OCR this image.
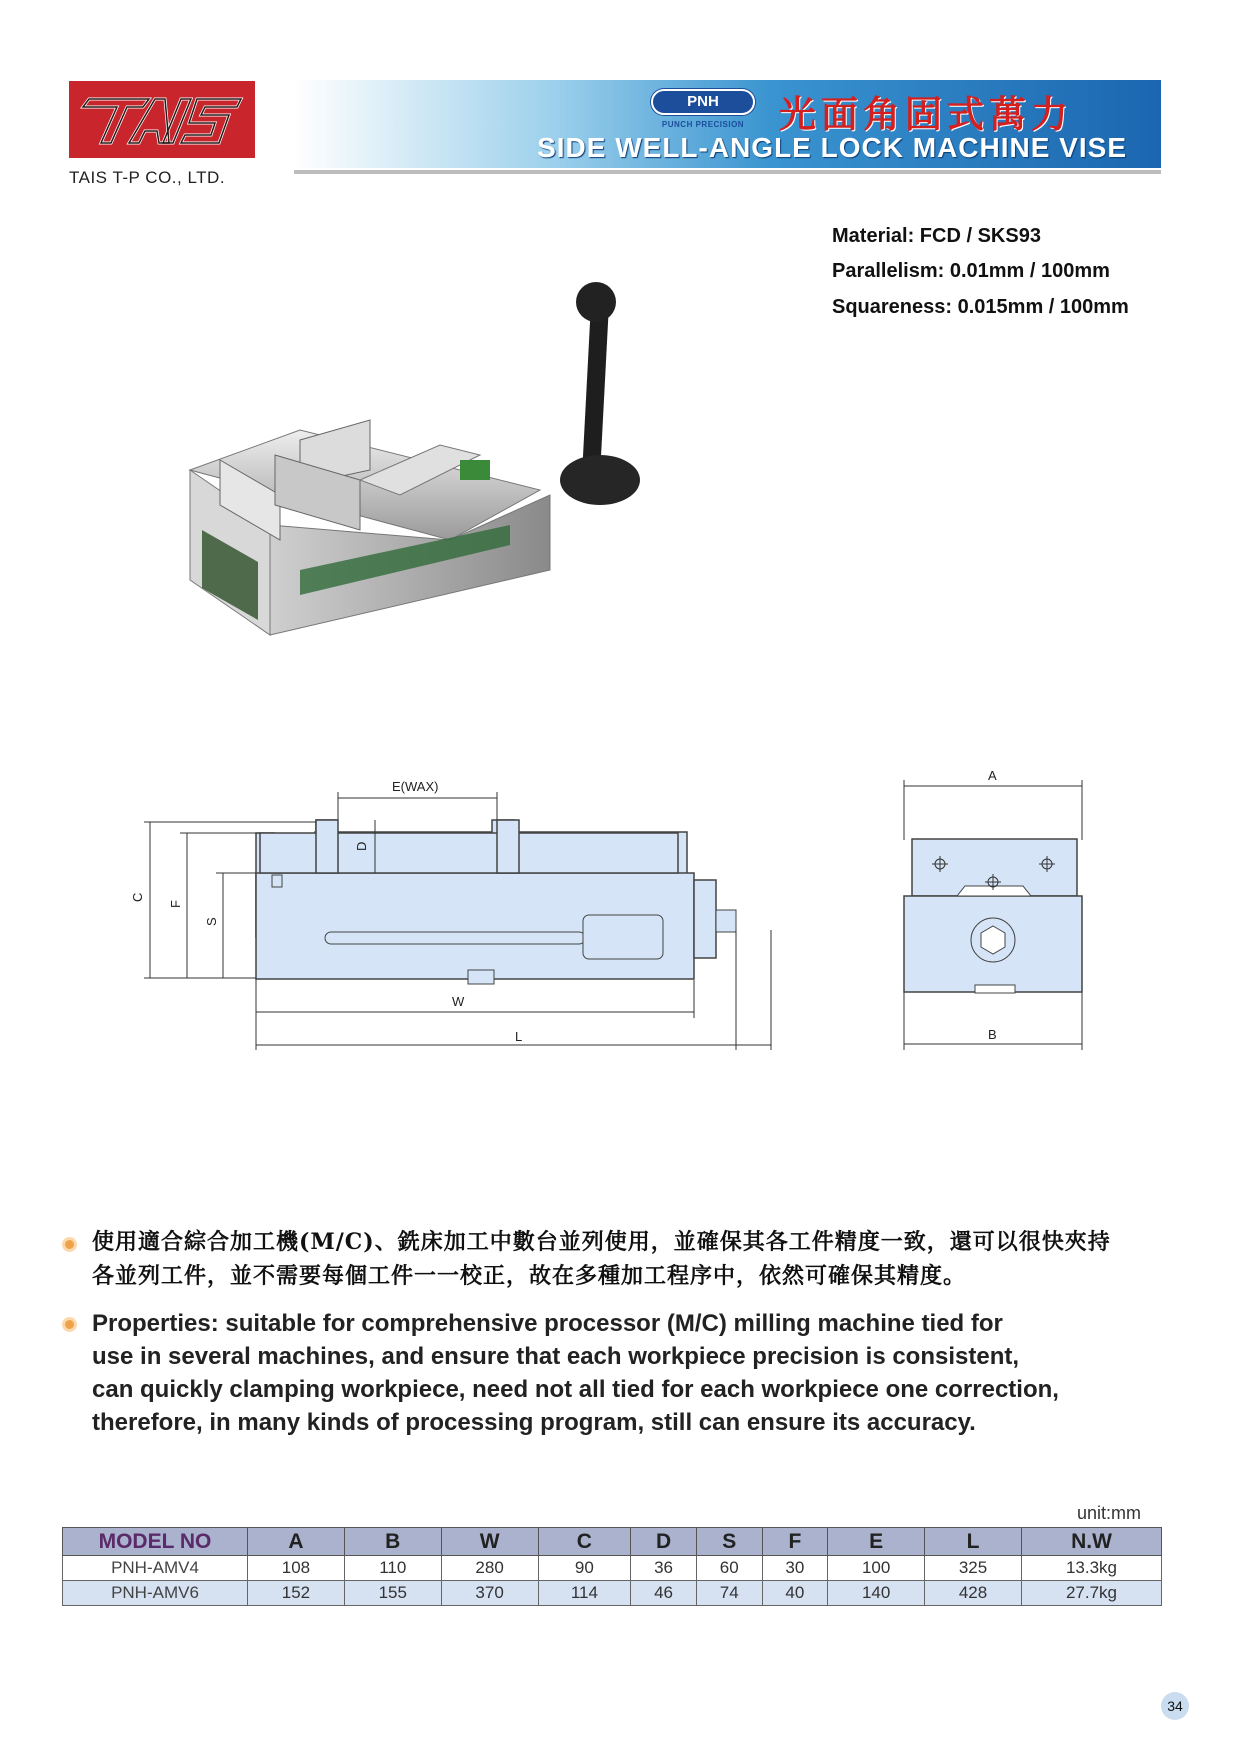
TAIS T-P CO., LTD.
PNH
PUNCH PRECISION 光面角固式萬力
SIDE WELL-ANGLE LOCK MACHINE VISE
Material: FCD / SKS93
Parallelism: 0.01mm / 100mm
Squareness: 0.015mm / 100mm
E(WAX)
D
C
F
S
W
L
A
B
使用適合綜合加工機(M/C)、銑床加工中數台並列使用，並確保其各工件精度一致，還可以很快夾持
各並列工件，並不需要每個工件一一校正，故在多種加工程序中，依然可確保其精度。
Properties: suitable for comprehensive processor (M/C) milling machine tied for
use in several machines, and ensure that each workpiece precision is consistent,
can quickly clamping workpiece, need not all tied for each workpiece one correction,
therefore, in many kinds of processing program, still can ensure its accuracy.
unit:mm
MODEL NO	A	B	W	C	D	S	F	E	L	N.W
PNH-AMV4	108	110	280	90	36	60	30	100	325	13.3kg
PNH-AMV6	152	155	370	114	46	74	40	140	428	27.7kg
34
